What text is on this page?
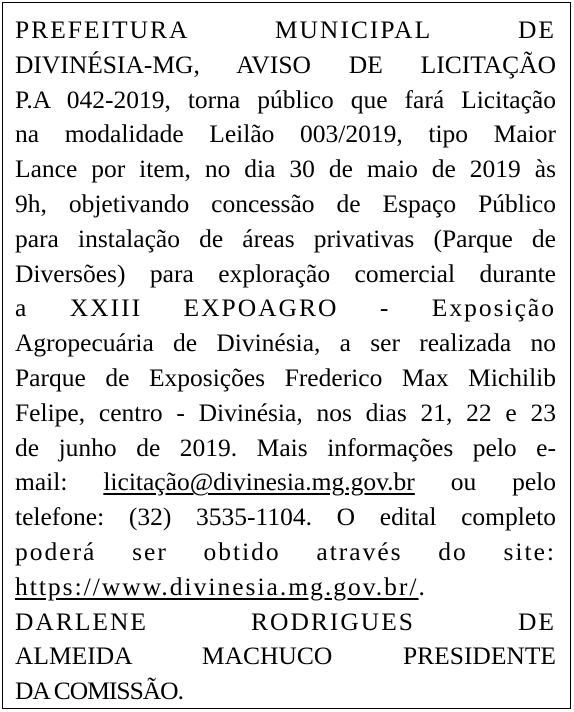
PREFEITURA MUNICIPAL DE
DIVINÉSIA-MG, AVISO DE LICITAÇÃO
P.A 042-2019, torna público que fará Licitação
na modalidade Leilão 003/2019, tipo Maior
Lance por item, no dia 30 de maio de 2019 às
9h, objetivando concessão de Espaço Público
para instalação de áreas privativas (Parque de
Diversões) para exploração comercial durante
a XXIII EXPOAGRO - Exposição
Agropecuária de Divinésia, a ser realizada no
Parque de Exposições Frederico Max Michilib
Felipe, centro - Divinésia, nos dias 21, 22 e 23
de junho de 2019. Mais informações pelo e-
mail: licitação@divinesia.mg.gov.br ou pelo
telefone: (32) 3535-1104. O edital completo
poderá ser obtido através do site:
https://www.divinesia.mg.gov.br/.
DARLENE RODRIGUES DE
ALMEIDA MACHUCO PRESIDENTE
DA COMISSÃO.
